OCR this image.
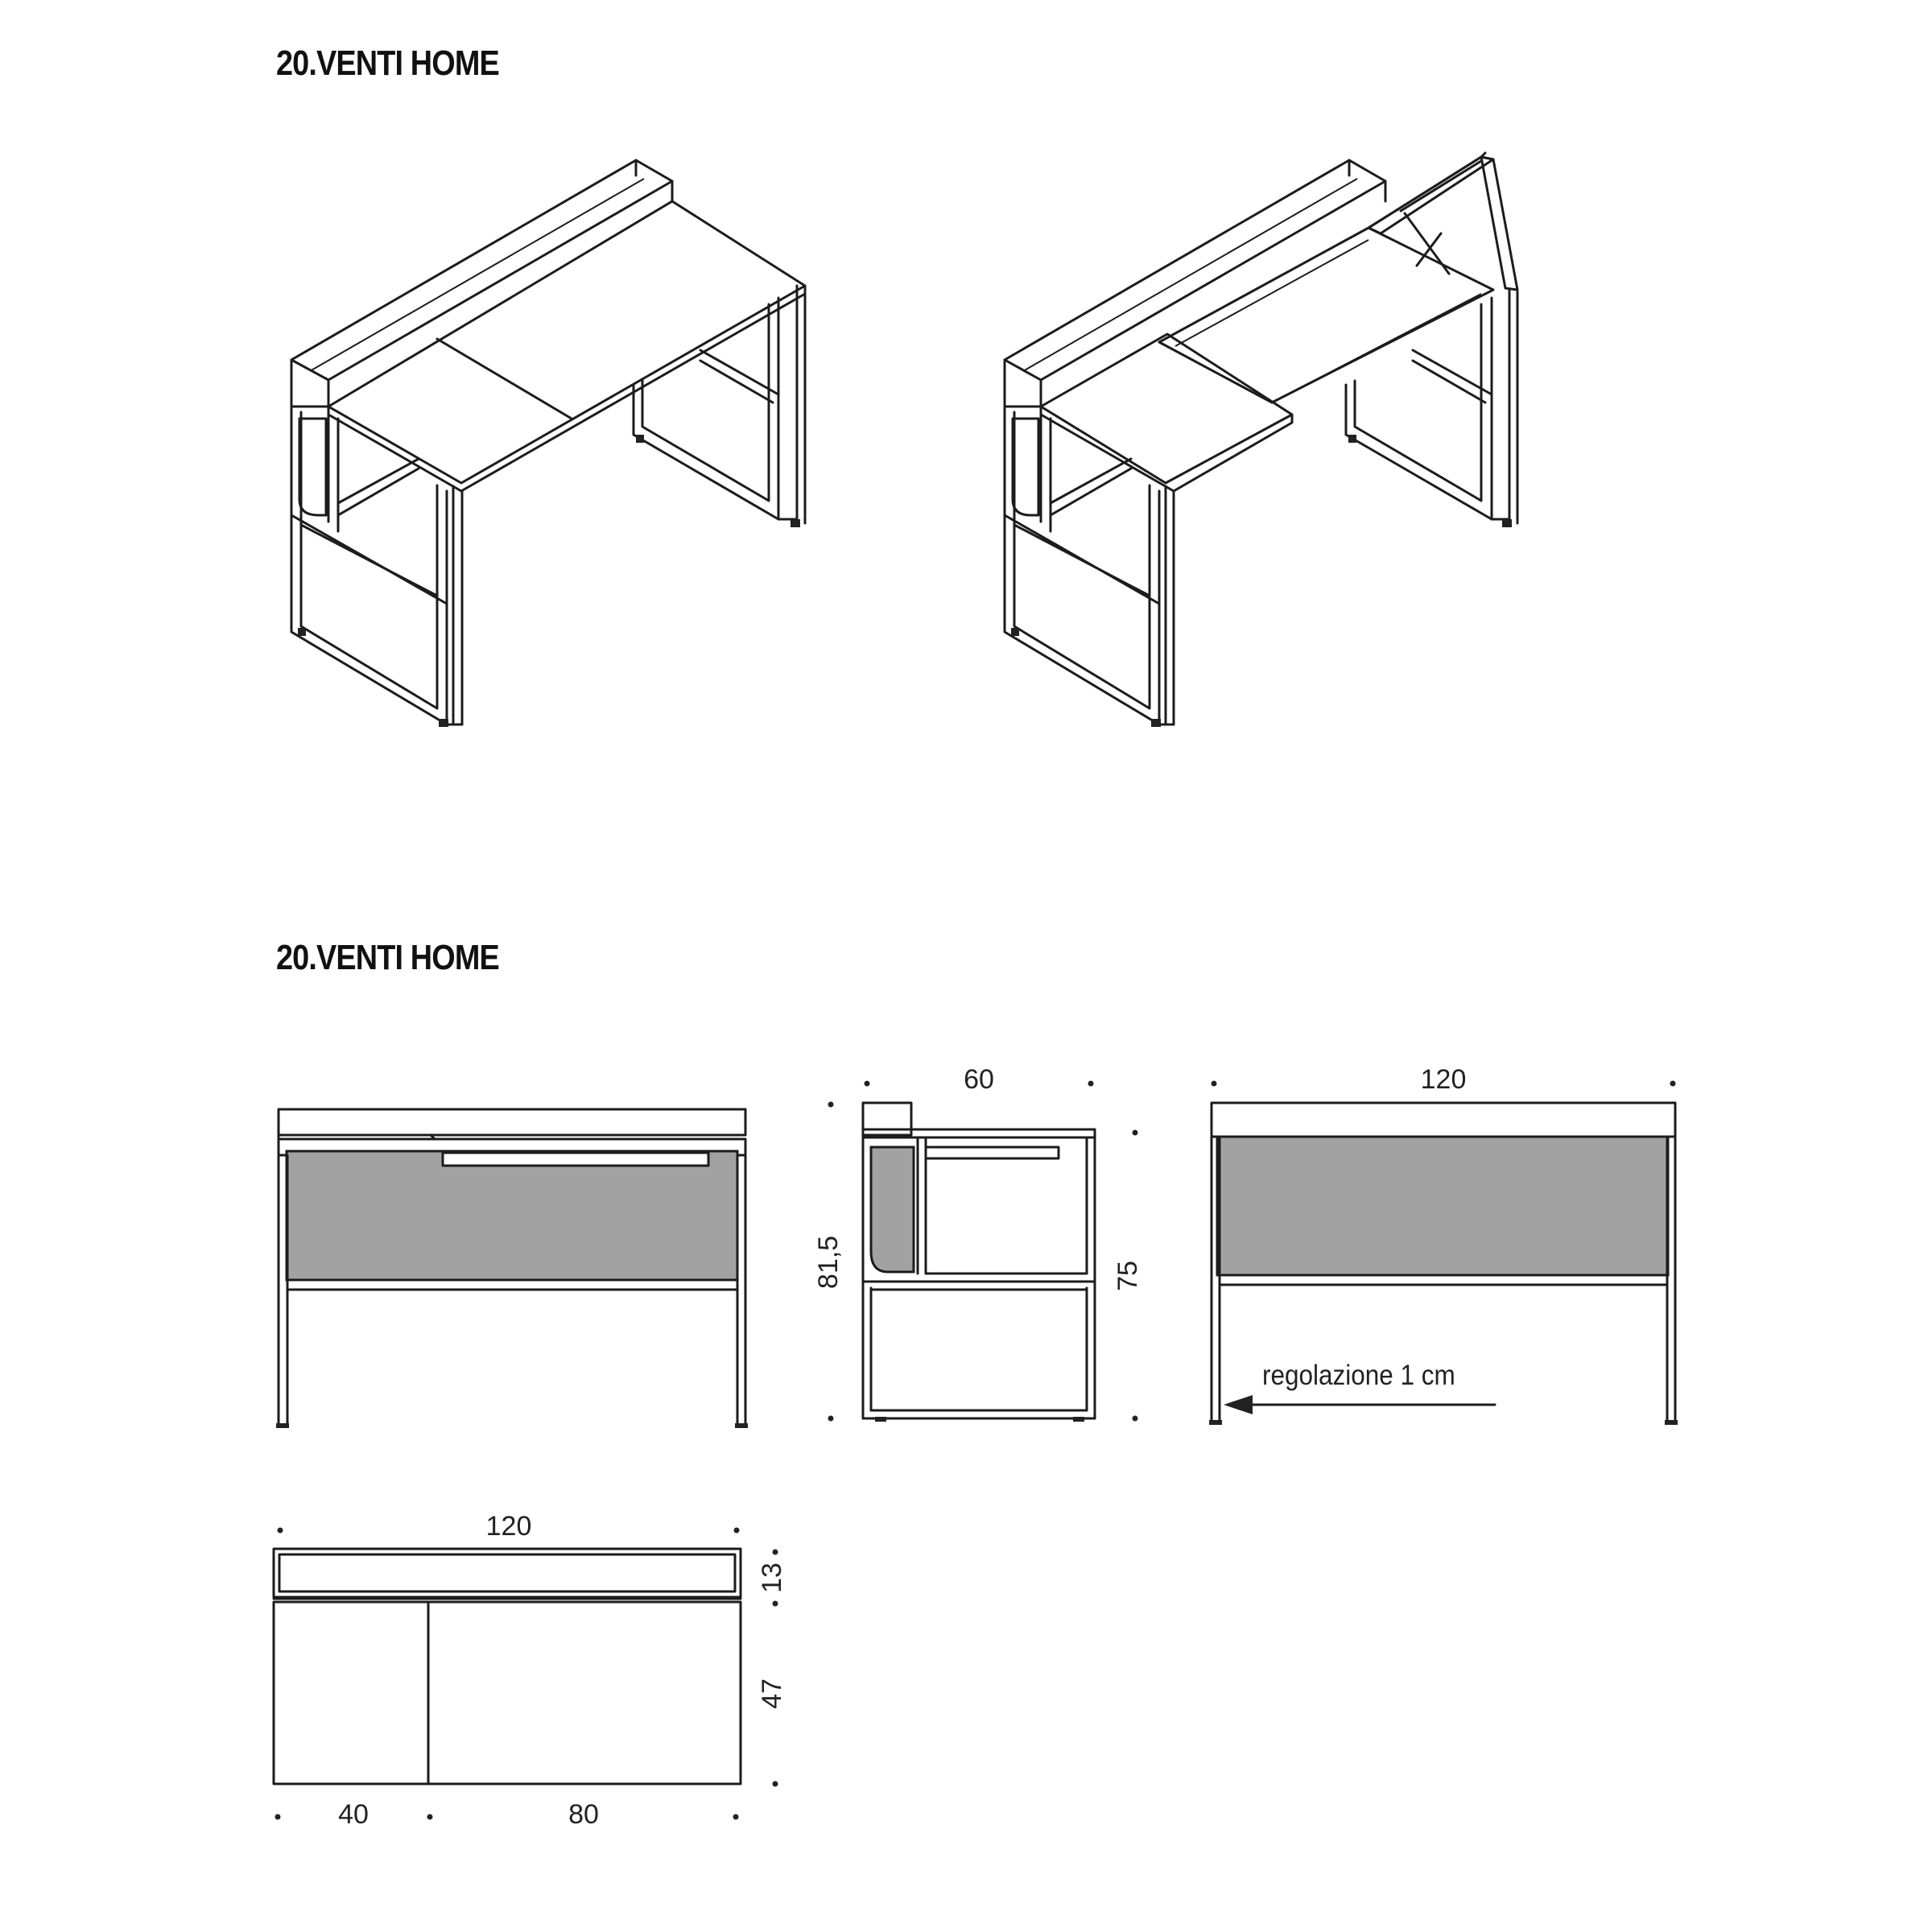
20.VENTI HOME
20.VENTI HOME
60
81,5	75
120
regolazione 1 cm
120
13
47
40	80
